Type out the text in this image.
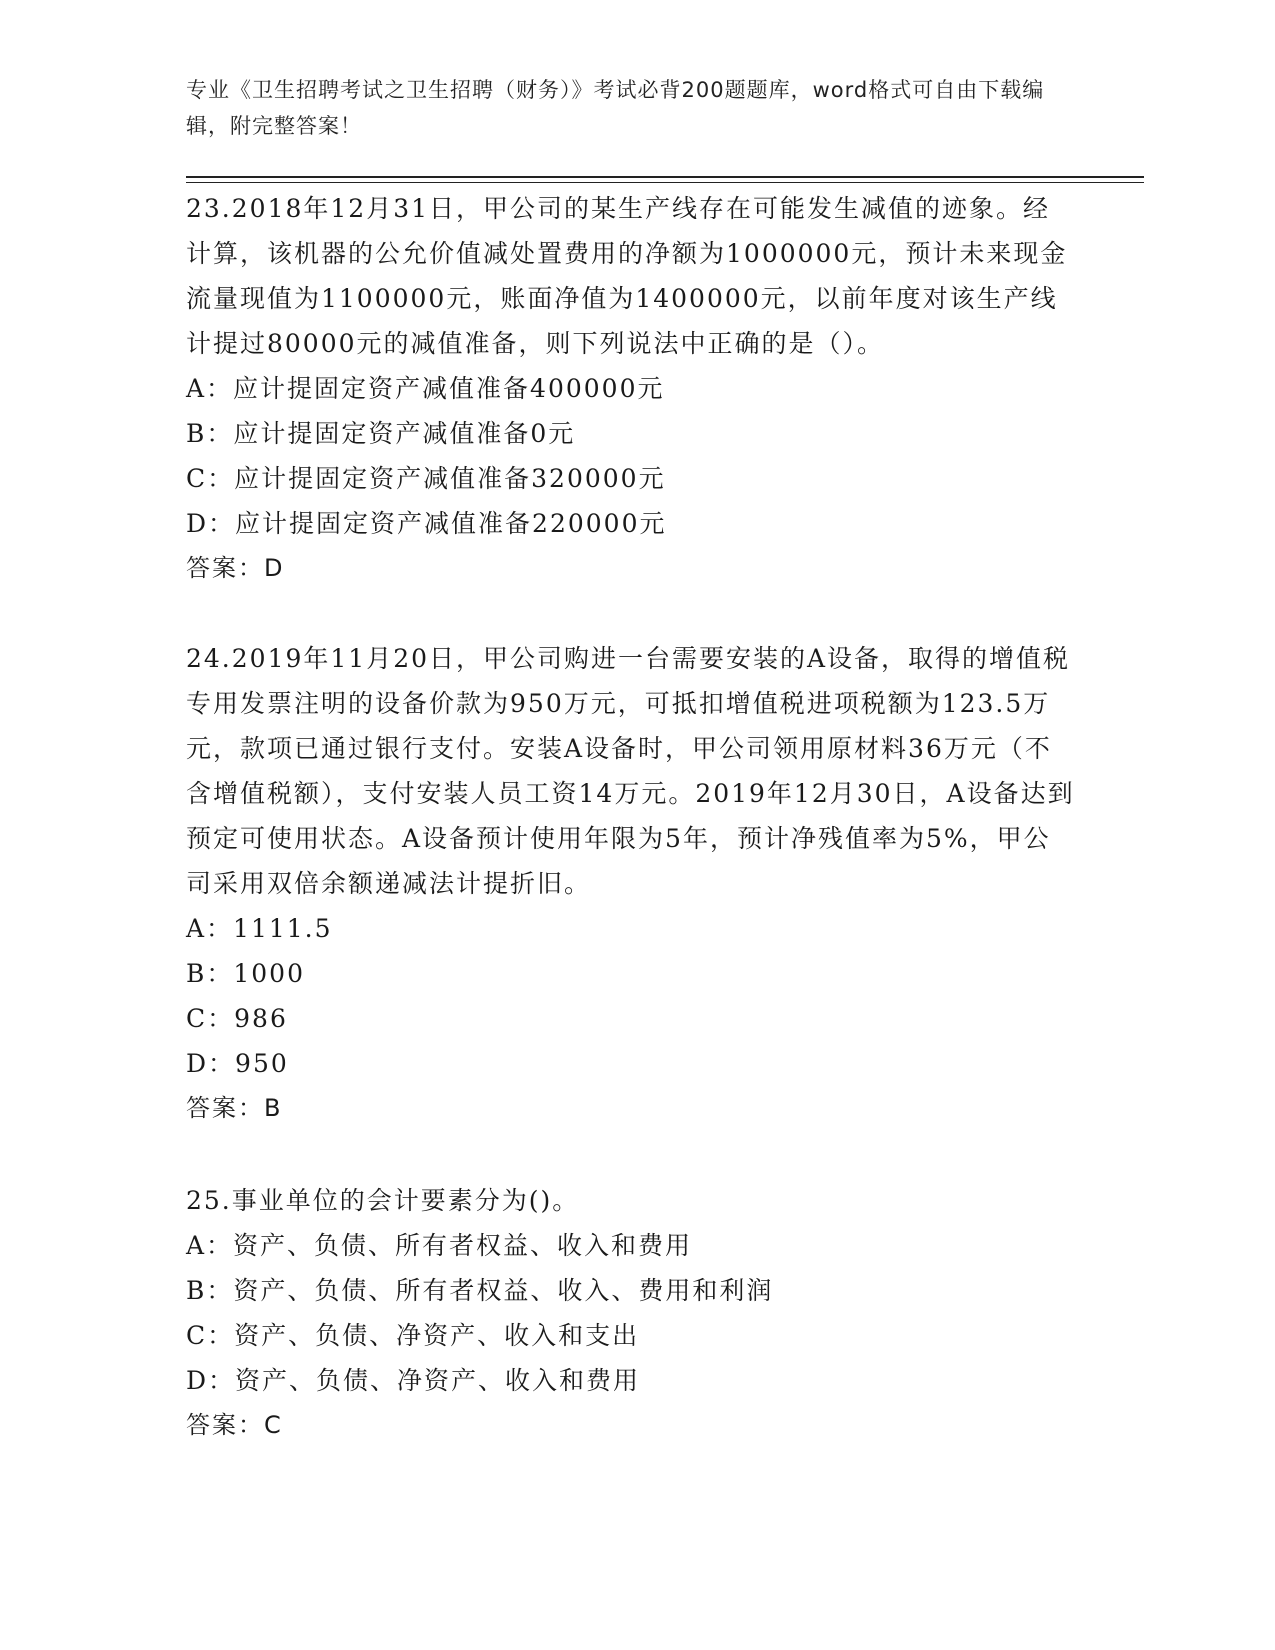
专业《卫生招聘考试之卫生招聘（财务）》考试必背200题题库，word格式可自由下载编辑，附完整答案！

23.2018年12月31日，甲公司的某生产线存在可能发生减值的迹象。经计算，该机器的公允价值减处置费用的净额为1000000元，预计未来现金流量现值为1100000元，账面净值为1400000元，以前年度对该生产线计提过80000元的减值准备，则下列说法中正确的是（）。

A：应计提固定资产减值准备400000元

B：应计提固定资产减值准备0元

C：应计提固定资产减值准备320000元

D：应计提固定资产减值准备220000元

答案：D

24.2019年11月20日，甲公司购进一台需要安装的A设备，取得的增值税专用发票注明的设备价款为950万元，可抵扣增值税进项税额为123.5万元，款项已通过银行支付。安装A设备时，甲公司领用原材料36万元（不含增值税额），支付安装人员工资14万元。2019年12月30日，A设备达到预定可使用状态。A设备预计使用年限为5年，预计净残值率为5%，甲公司采用双倍余额递减法计提折旧。

A：1111.5

B：1000

C：986

D：950

答案：B

25.事业单位的会计要素分为()。

A：资产、负债、所有者权益、收入和费用

B：资产、负债、所有者权益、收入、费用和利润

C：资产、负债、净资产、收入和支出

D：资产、负债、净资产、收入和费用

答案：C
